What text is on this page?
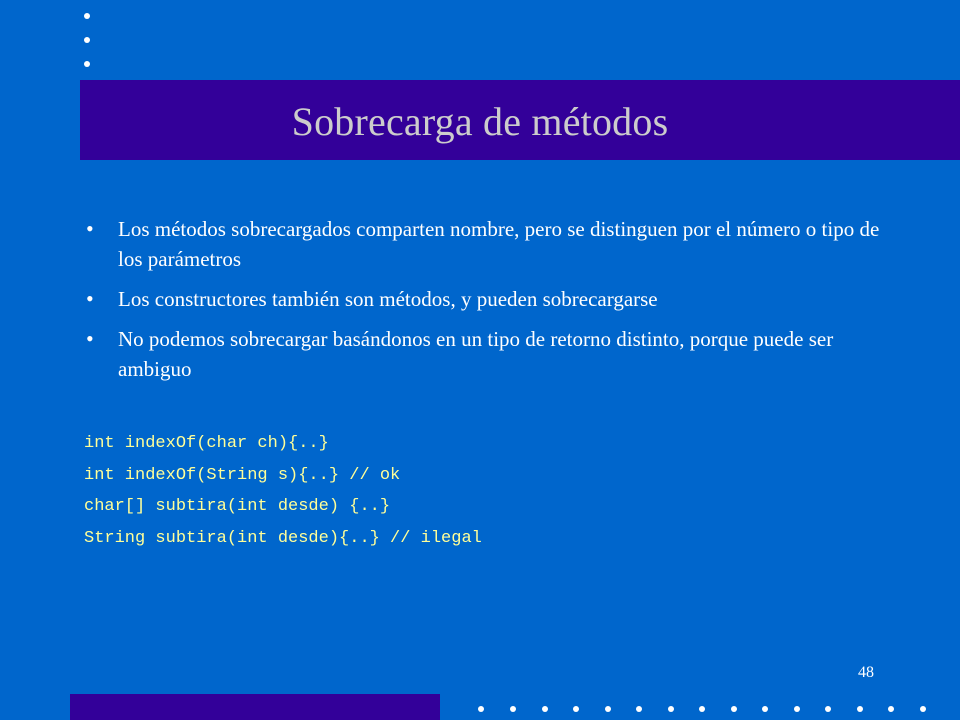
Sobrecarga de métodos
• Los métodos sobrecargados comparten nombre, pero se distinguen por el número o tipo de los parámetros
• Los constructores también son métodos, y pueden sobrecargarse
• No podemos sobrecargar basándonos en un tipo de retorno distinto, porque puede ser ambiguo
int indexOf(char ch){..}
int indexOf(String s){..} // ok
char[] subtira(int desde) {..}
String subtira(int desde){..} // ilegal
48
